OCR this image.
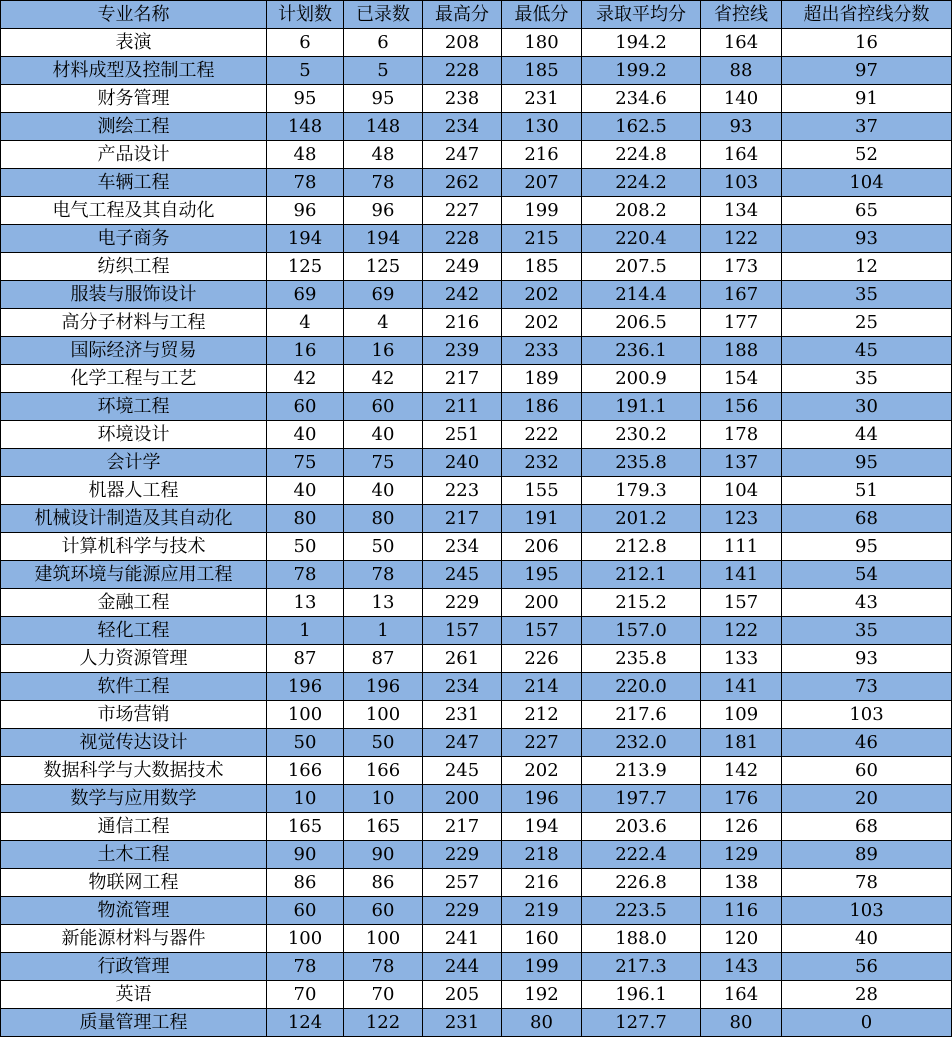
专业名称	计划数	已录数	最高分	最低分	录取平均分	省控线	超出省控线分数
表演	6	6	208	180	194.2	164	16
材料成型及控制工程	5	5	228	185	199.2	88	97
财务管理	95	95	238	231	234.6	140	91
测绘工程	148	148	234	130	162.5	93	37
产品设计	48	48	247	216	224.8	164	52
车辆工程	78	78	262	207	224.2	103	104
电气工程及其自动化	96	96	227	199	208.2	134	65
电子商务	194	194	228	215	220.4	122	93
纺织工程	125	125	249	185	207.5	173	12
服装与服饰设计	69	69	242	202	214.4	167	35
高分子材料与工程	4	4	216	202	206.5	177	25
国际经济与贸易	16	16	239	233	236.1	188	45
化学工程与工艺	42	42	217	189	200.9	154	35
环境工程	60	60	211	186	191.1	156	30
环境设计	40	40	251	222	230.2	178	44
会计学	75	75	240	232	235.8	137	95
机器人工程	40	40	223	155	179.3	104	51
机械设计制造及其自动化	80	80	217	191	201.2	123	68
计算机科学与技术	50	50	234	206	212.8	111	95
建筑环境与能源应用工程	78	78	245	195	212.1	141	54
金融工程	13	13	229	200	215.2	157	43
轻化工程	1	1	157	157	157.0	122	35
人力资源管理	87	87	261	226	235.8	133	93
软件工程	196	196	234	214	220.0	141	73
市场营销	100	100	231	212	217.6	109	103
视觉传达设计	50	50	247	227	232.0	181	46
数据科学与大数据技术	166	166	245	202	213.9	142	60
数学与应用数学	10	10	200	196	197.7	176	20
通信工程	165	165	217	194	203.6	126	68
土木工程	90	90	229	218	222.4	129	89
物联网工程	86	86	257	216	226.8	138	78
物流管理	60	60	229	219	223.5	116	103
新能源材料与器件	100	100	241	160	188.0	120	40
行政管理	78	78	244	199	217.3	143	56
英语	70	70	205	192	196.1	164	28
质量管理工程	124	122	231	80	127.7	80	0
